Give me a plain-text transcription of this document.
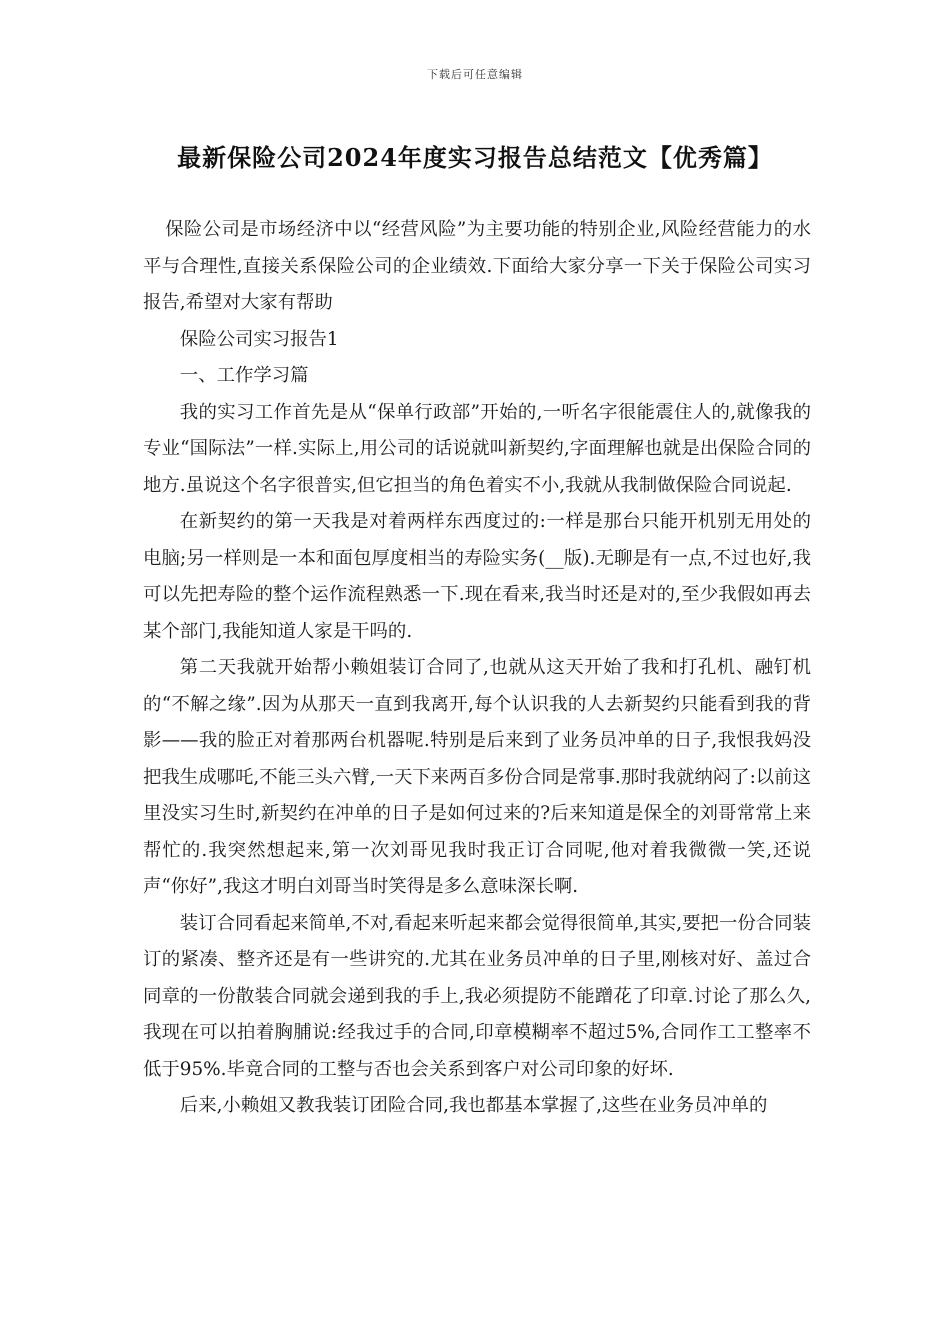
下载后可任意编辑
最新保险公司2024年度实习报告总结范文【优秀篇】

保险公司是市场经济中以“经营风险”为主要功能的特别企业,风险经营能力的水平与合理性,直接关系保险公司的企业绩效.下面给大家分享一下关于保险公司实习报告,希望对大家有帮助

保险公司实习报告1

一、工作学习篇

我的实习工作首先是从“保单行政部”开始的,一听名字很能震住人的,就像我的专业“国际法”一样.实际上,用公司的话说就叫新契约,字面理解也就是出保险合同的地方.虽说这个名字很普实,但它担当的角色着实不小,我就从我制做保险合同说起.

在新契约的第一天我是对着两样东西度过的:一样是那台只能开机别无用处的电脑;另一样则是一本和面包厚度相当的寿险实务(__版).无聊是有一点,不过也好,我可以先把寿险的整个运作流程熟悉一下.现在看来,我当时还是对的,至少我假如再去某个部门,我能知道人家是干吗的.

第二天我就开始帮小赖姐装订合同了,也就从这天开始了我和打孔机、融钉机的“不解之缘”.因为从那天一直到我离开,每个认识我的人去新契约只能看到我的背影——我的脸正对着那两台机器呢.特别是后来到了业务员冲单的日子,我恨我妈没把我生成哪吒,不能三头六臂,一天下来两百多份合同是常事.那时我就纳闷了:以前这里没实习生时,新契约在冲单的日子是如何过来的?后来知道是保全的刘哥常常上来帮忙的.我突然想起来,第一次刘哥见我时我正订合同呢,他对着我微微一笑,还说声“你好”,我这才明白刘哥当时笑得是多么意味深长啊.

装订合同看起来简单,不对,看起来听起来都会觉得很简单,其实,要把一份合同装订的紧凑、整齐还是有一些讲究的.尤其在业务员冲单的日子里,刚核对好、盖过合同章的一份散装合同就会递到我的手上,我必须提防不能蹭花了印章.讨论了那么久,我现在可以拍着胸脯说:经我过手的合同,印章模糊率不超过5%,合同作工工整率不低于95%.毕竟合同的工整与否也会关系到客户对公司印象的好坏.

后来,小赖姐又教我装订团险合同,我也都基本掌握了,这些在业务员冲单的
